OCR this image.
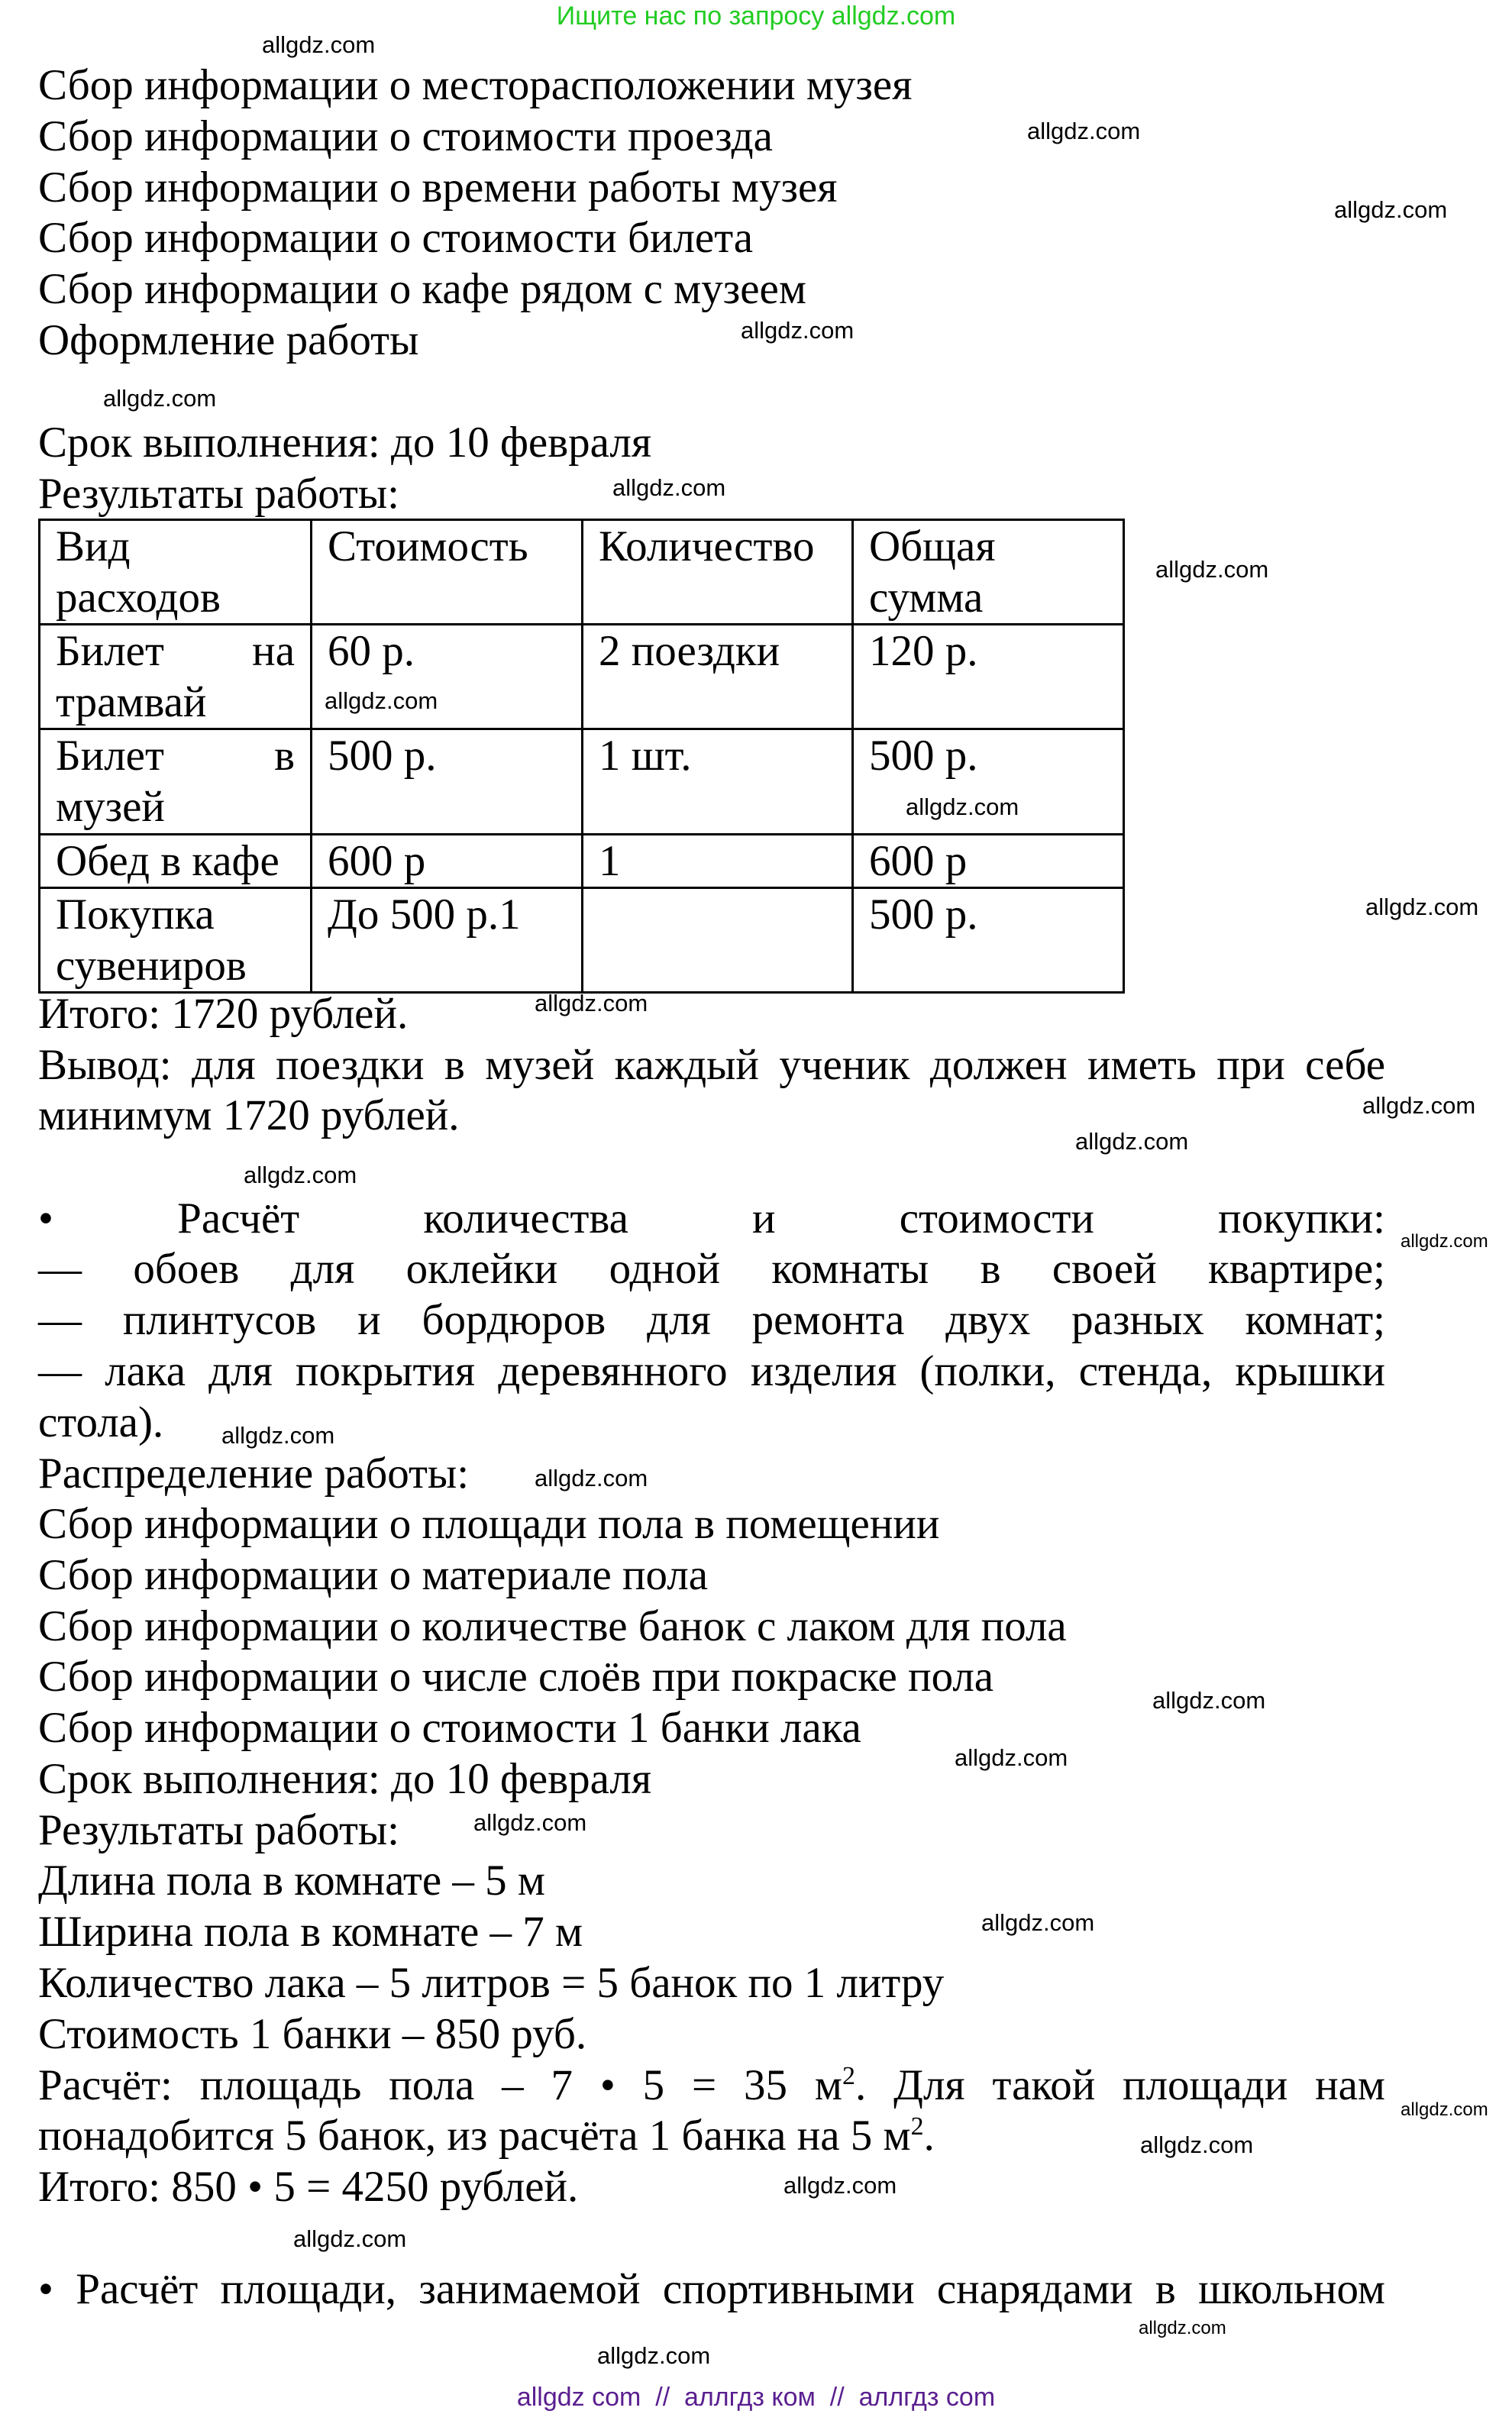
Ищите нас по запросу allgdz.com
Сбор информации о месторасположении музея
Сбор информации о стоимости проезда
Сбор информации о времени работы музея
Сбор информации о стоимости билета
Сбор информации о кафе рядом с музеем
Оформление работы
Срок выполнения: до 10 февраля
Результаты работы:
Вид расходов	Стоимость	Количество	Общая сумма
Билет на трамвай	60 р.	2 поездки	120 р.
Билет в музей	500 р.	1 шт.	500 р.
Обед в кафе	600 р	1	600 р
Покупка сувениров	До 500 р.1		500 р.
Итого: 1720 рублей.
Вывод: для поездки в музей каждый ученик должен иметь при себе
минимум 1720 рублей.
• Расчёт количества и стоимости покупки:
— обоев для оклейки одной комнаты в своей квартире;
— плинтусов и бордюров для ремонта двух разных комнат;
— лака для покрытия деревянного изделия (полки, стенда, крышки
стола).
Распределение работы:
Сбор информации о площади пола в помещении
Сбор информации о материале пола
Сбор информации о количестве банок с лаком для пола
Сбор информации о числе слоёв при покраске пола
Сбор информации о стоимости 1 банки лака
Срок выполнения: до 10 февраля
Результаты работы:
Длина пола в комнате – 5 м
Ширина пола в комнате – 7 м
Количество лака – 5 литров = 5 банок по 1 литру
Стоимость 1 банки – 850 руб.
Расчёт: площадь пола – 7 • 5 = 35 $м^2$. Для такой площади нам
понадобится 5 банок, из расчёта 1 банка на 5 $м^2$.
Итого: 850 • 5 = 4250 рублей.
• Расчёт площади, занимаемой спортивными снарядами в школьном
allgdz.com
allgdz.com
allgdz.com
allgdz.com
allgdz.com
allgdz.com
allgdz.com
allgdz.com
allgdz.com
allgdz.com
allgdz.com
allgdz.com
allgdz.com
allgdz.com
allgdz.com
allgdz.com
allgdz.com
allgdz.com
allgdz.com
allgdz.com
allgdz.com
allgdz.com
allgdz.com
allgdz.com
allgdz.com
allgdz.com
allgdz.com
allgdz com  //  аллгдз ком  //  аллгдз com
